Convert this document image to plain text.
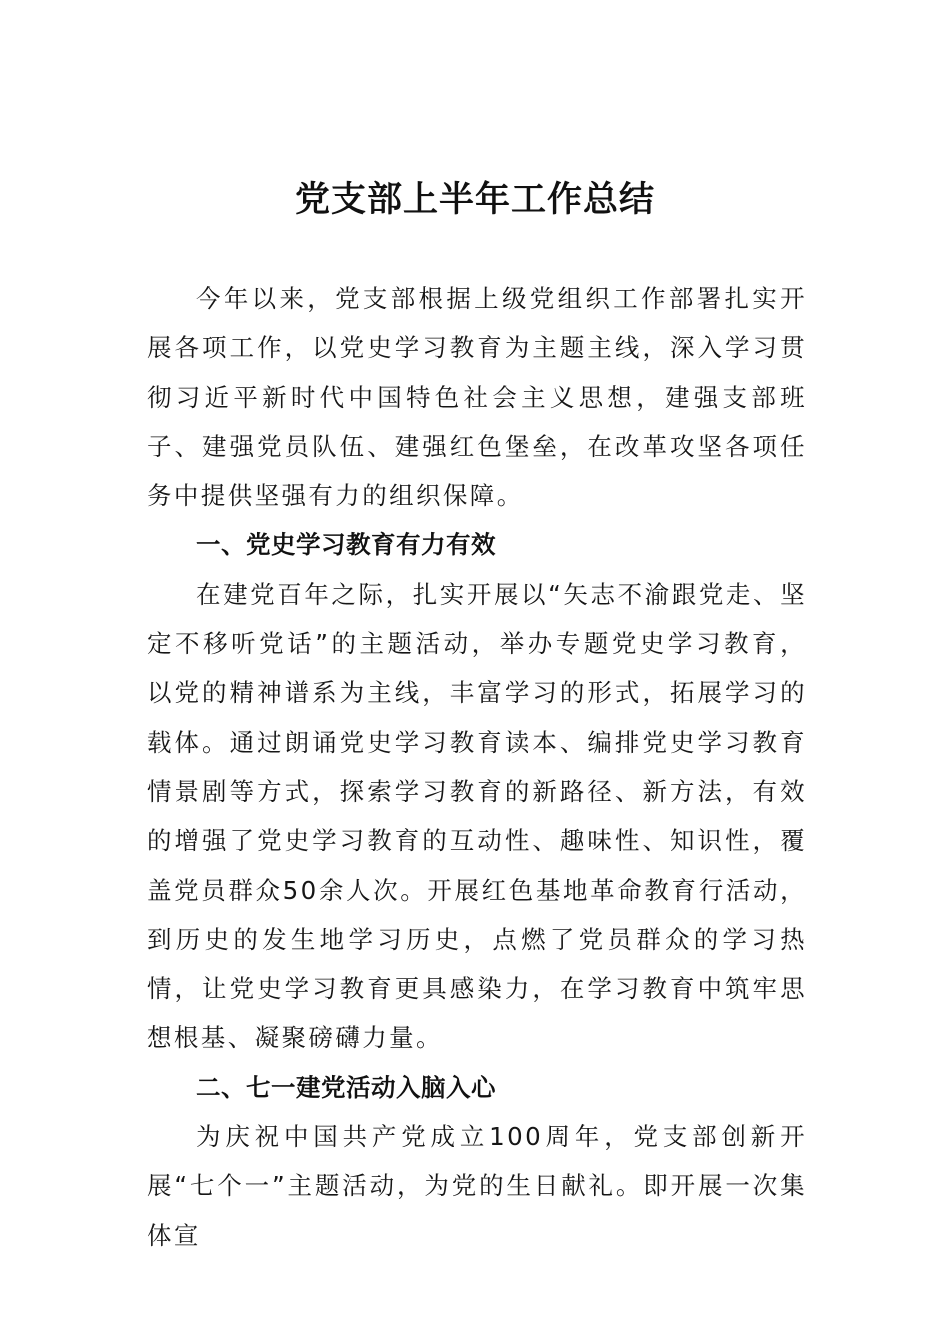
党支部上半年工作总结

今年以来，党支部根据上级党组织工作部署扎实开展各项工作，以党史学习教育为主题主线，深入学习贯彻习近平新时代中国特色社会主义思想，建强支部班子、建强党员队伍、建强红色堡垒，在改革攻坚各项任务中提供坚强有力的组织保障。

一、党史学习教育有力有效

在建党百年之际，扎实开展以“矢志不渝跟党走、坚定不移听党话”的主题活动，举办专题党史学习教育，以党的精神谱系为主线，丰富学习的形式，拓展学习的载体。通过朗诵党史学习教育读本、编排党史学习教育情景剧等方式，探索学习教育的新路径、新方法，有效的增强了党史学习教育的互动性、趣味性、知识性，覆盖党员群众50余人次。开展红色基地革命教育行活动，到历史的发生地学习历史，点燃了党员群众的学习热情，让党史学习教育更具感染力，在学习教育中筑牢思想根基、凝聚磅礴力量。

二、七一建党活动入脑入心

为庆祝中国共产党成立100周年，党支部创新开展“七个一”主题活动，为党的生日献礼。即开展一次集体宣
